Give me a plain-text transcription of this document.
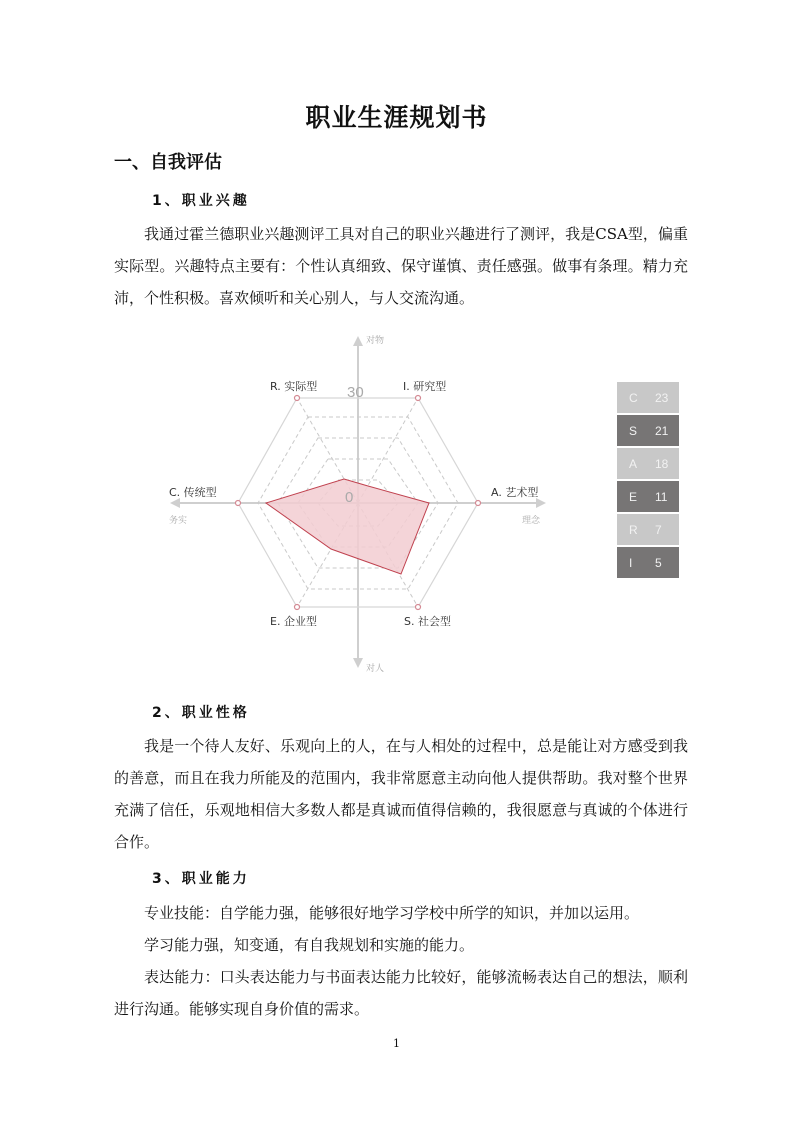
职业生涯规划书
一、自我评估
1、职业兴趣
我通过霍兰德职业兴趣测评工具对自己的职业兴趣进行了测评，我是CSA型，偏重实际型。兴趣特点主要有：个性认真细致、保守谨慎、责任感强。做事有条理。精力充沛，个性积极。喜欢倾听和关心别人，与人交流沟通。
30
0
R. 实际型	I. 研究型
A. 艺术型
S. 社会型
E. 企业型
C. 传统型
对物
对人
务实	理念
C	23
S	21
A	18
E	11
R	7
I	5
2、职业性格
我是一个待人友好、乐观向上的人，在与人相处的过程中，总是能让对方感受到我的善意，而且在我力所能及的范围内，我非常愿意主动向他人提供帮助。我对整个世界充满了信任，乐观地相信大多数人都是真诚而值得信赖的，我很愿意与真诚的个体进行合作。
3、职业能力
专业技能：自学能力强，能够很好地学习学校中所学的知识，并加以运用。
学习能力强，知变通，有自我规划和实施的能力。
表达能力：口头表达能力与书面表达能力比较好，能够流畅表达自己的想法，顺利进行沟通。能够实现自身价值的需求。
1
